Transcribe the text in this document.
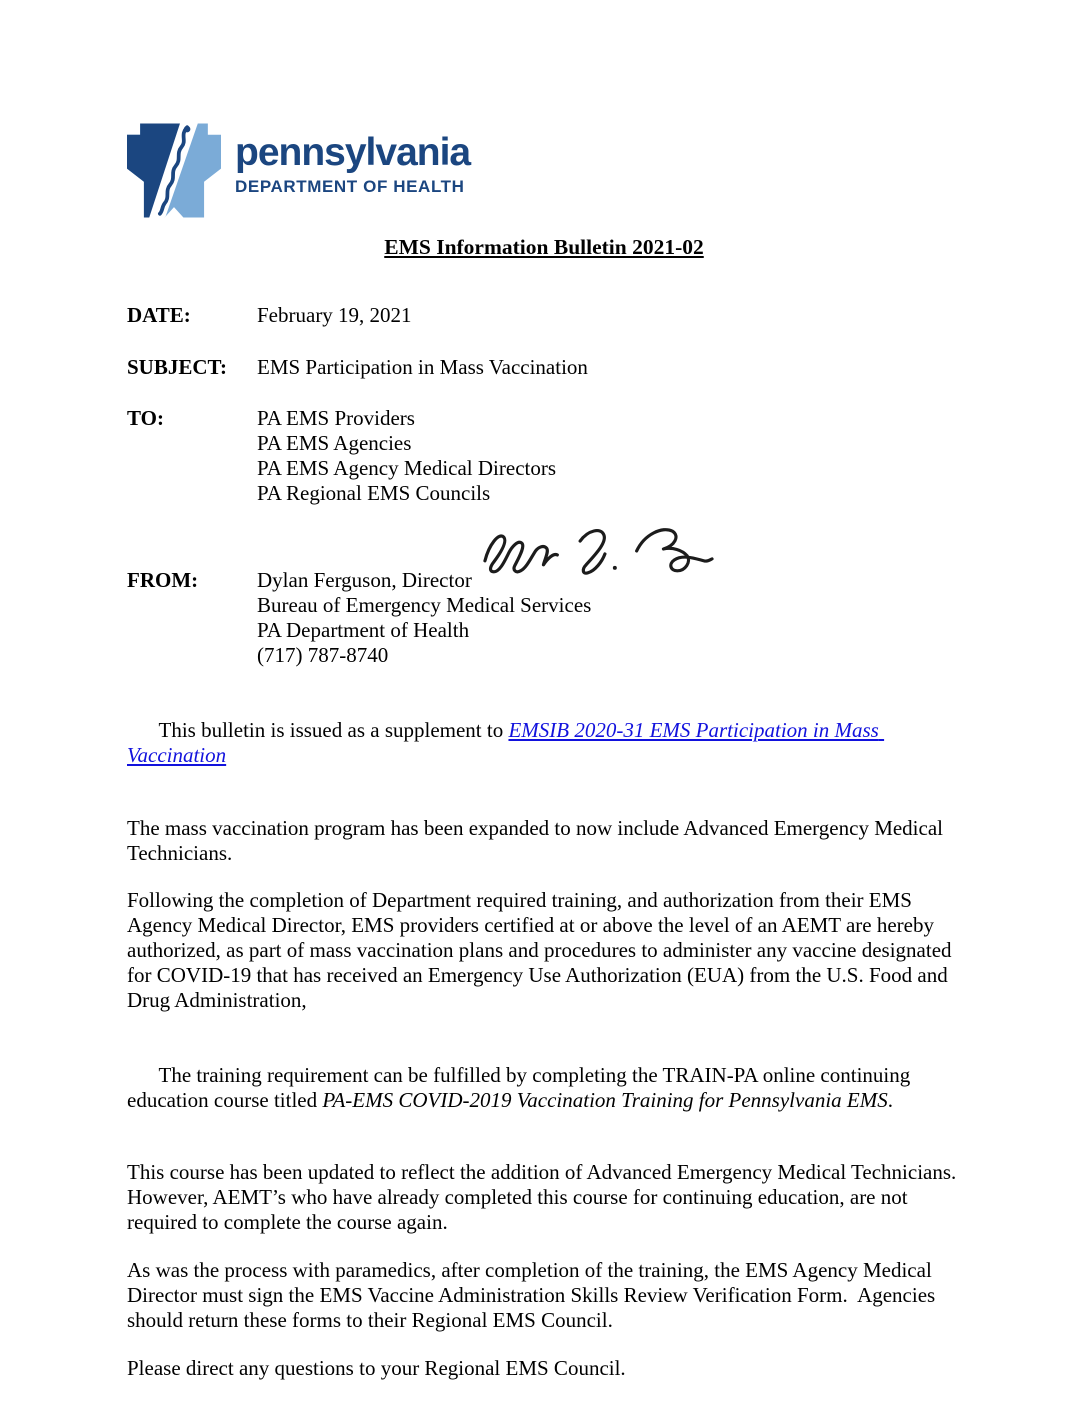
pennsylvania
DEPARTMENT OF HEALTH
EMS Information Bulletin 2021-02
DATE:	February 19, 2021
SUBJECT:	EMS Participation in Mass Vaccination
TO:	PA EMS Providers
PA EMS Agencies
PA EMS Agency Medical Directors
PA Regional EMS Councils
FROM:	Dylan Ferguson, Director
Bureau of Emergency Medical Services
PA Department of Health
(717) 787-8740

This bulletin is issued as a supplement to EMSIB 2020-31 EMS Participation in Mass Vaccination

The mass vaccination program has been expanded to now include Advanced Emergency Medical Technicians.
Following the completion of Department required training, and authorization from their EMS Agency Medical Director, EMS providers certified at or above the level of an AEMT are hereby authorized, as part of mass vaccination plans and procedures to administer any vaccine designated for COVID-19 that has received an Emergency Use Authorization (EUA) from the U.S. Food and Drug Administration,

The training requirement can be fulfilled by completing the TRAIN-PA online continuing education course titled PA-EMS COVID-2019 Vaccination Training for Pennsylvania EMS.

This course has been updated to reflect the addition of Advanced Emergency Medical Technicians.  However, AEMT’s who have already completed this course for continuing education, are not required to complete the course again.
As was the process with paramedics, after completion of the training, the EMS Agency Medical Director must sign the EMS Vaccine Administration Skills Review Verification Form.  Agencies should return these forms to their Regional EMS Council.
Please direct any questions to your Regional EMS Council.
